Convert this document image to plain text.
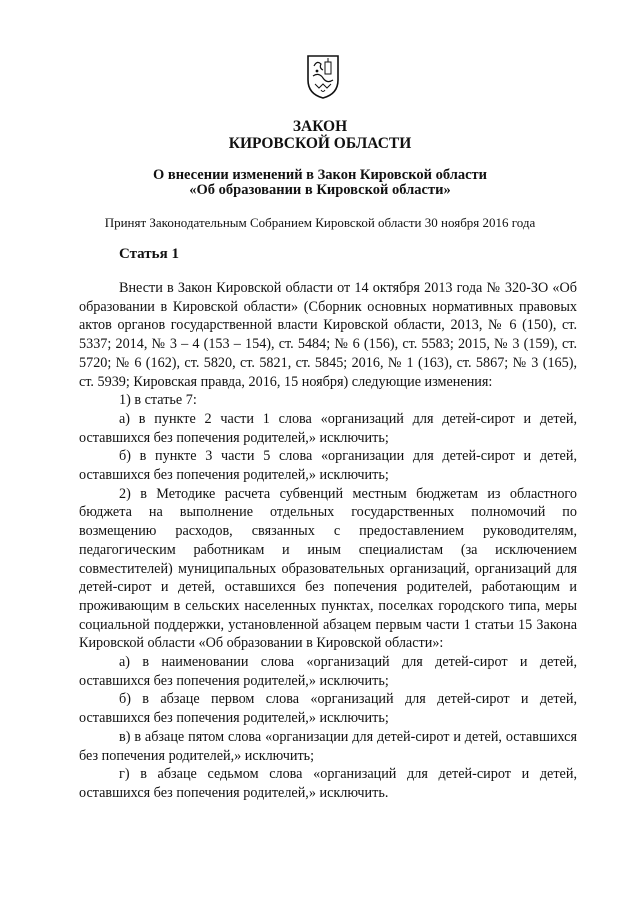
ЗАКОН
КИРОВСКОЙ ОБЛАСТИ
О внесении изменений в Закон Кировской области
«Об образовании в Кировской области»
Принят Законодательным Собранием Кировской области 30 ноября 2016 года
Статья 1

Внести в Закон Кировской области от 14 октября 2013 года № 320-ЗО «Об образовании в Кировской области» (Сборник основных нормативных правовых актов органов государственной власти Кировской области, 2013, № 6 (150), ст. 5337; 2014, № 3 – 4 (153 – 154), ст. 5484; № 6 (156), ст. 5583; 2015, № 3 (159), ст. 5720; № 6 (162), ст. 5820, ст. 5821, ст. 5845; 2016, № 1 (163), ст. 5867; № 3 (165), ст. 5939; Кировская правда, 2016, 15 ноября) следующие изменения:

1) в статье 7:

а) в пункте 2 части 1 слова «организаций для детей-сирот и детей, оставшихся без попечения родителей,» исключить;

б) в пункте 3 части 5 слова «организации для детей-сирот и детей, оставшихся без попечения родителей,» исключить;

2) в Методике расчета субвенций местным бюджетам из областного бюджета на выполнение отдельных государственных полномочий по возмещению расходов, связанных с предоставлением руководителям, педагогическим работникам и иным специалистам (за исключением совместителей) муниципальных образовательных организаций, организаций для детей-сирот и детей, оставшихся без попечения родителей, работающим и проживающим в сельских населенных пунктах, поселках городского типа, меры социальной поддержки, установленной абзацем первым части 1 статьи 15 Закона Кировской области «Об образовании в Кировской области»:

а) в наименовании слова «организаций для детей-сирот и детей, оставшихся без попечения родителей,» исключить;

б) в абзаце первом слова «организаций для детей-сирот и детей, оставшихся без попечения родителей,» исключить;

в) в абзаце пятом слова «организации для детей-сирот и детей, оставшихся без попечения родителей,» исключить;

г) в абзаце седьмом слова «организаций для детей-сирот и детей, оставшихся без попечения родителей,» исключить.
